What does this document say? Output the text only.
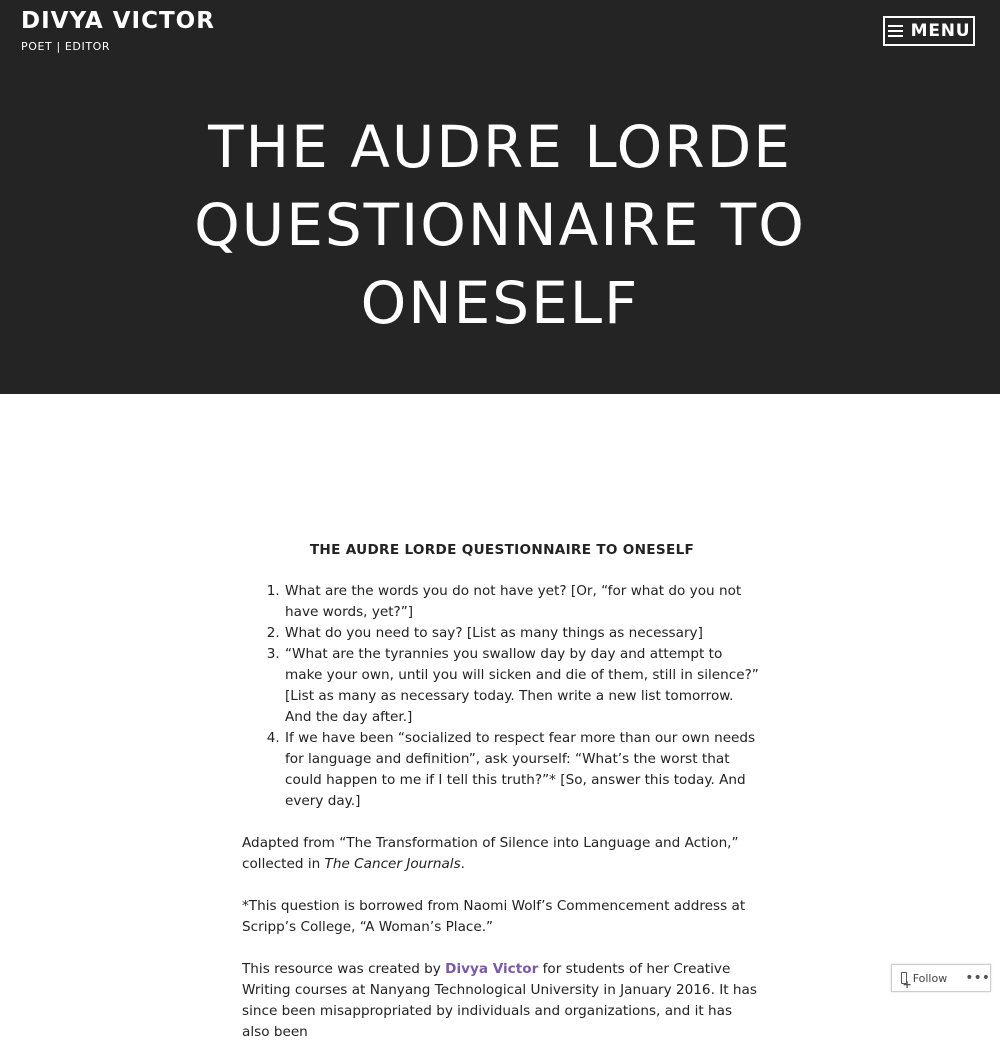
DIVYA VICTOR
POET | EDITOR
MENU
THE AUDRE LORDE QUESTIONNAIRE TO ONESELF
THE AUDRE LORDE QUESTIONNAIRE TO ONESELF
1. What are the words you do not have yet? [Or, “for what do you not have words, yet?”]
2. What do you need to say? [List as many things as necessary]
3. “What are the tyrannies you swallow day by day and attempt to make your own, until you will sicken and die of them, still in silence?” [List as many as necessary today. Then write a new list tomorrow. And the day after.]
4. If we have been “socialized to respect fear more than our own needs for language and definition”, ask yourself: “What’s the worst that could happen to me if I tell this truth?”* [So, answer this today. And every day.]

Adapted from “The Transformation of Silence into Language and Action,” collected in The Cancer Journals.

*This question is borrowed from Naomi Wolf’s Commencement address at Scripp’s College, “A Woman’s Place.”

This resource was created by Divya Victor for students of her Creative Writing courses at Nanyang Technological University in January 2016. It has since been misappropriated by individuals and organizations, and it has also been

+
Follow •••
